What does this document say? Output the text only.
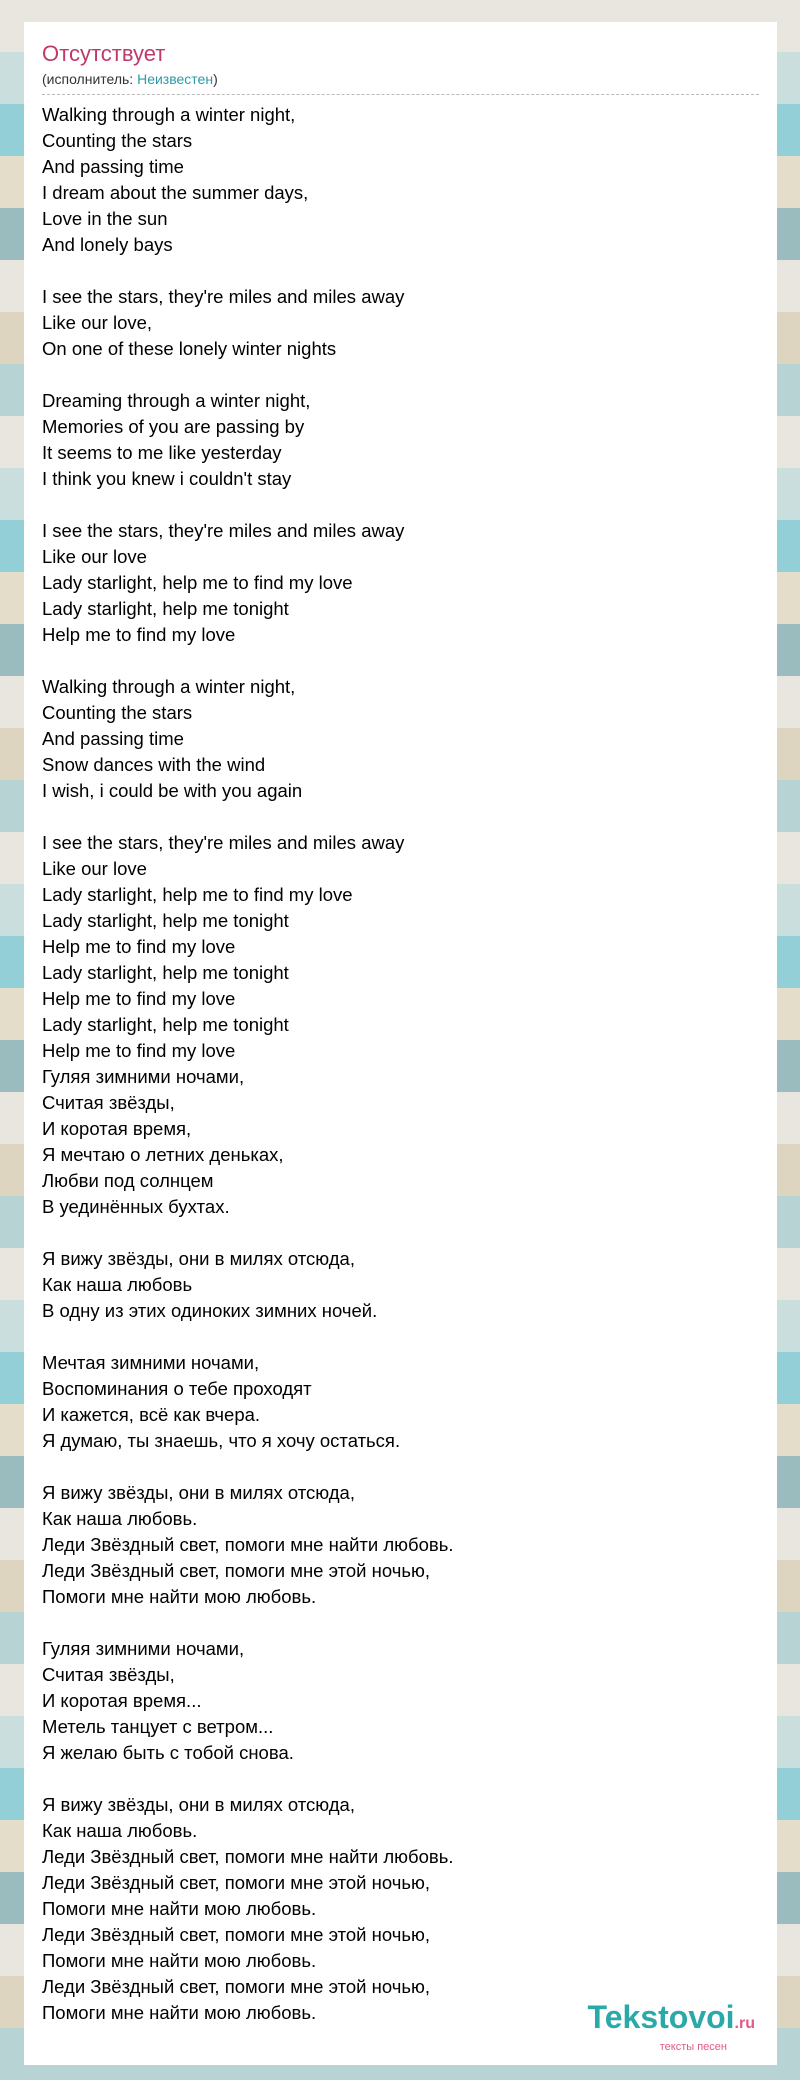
Отсутствует
(исполнитель: Неизвестен)
Walking through a winter night,
Counting the stars
And passing time
I dream about the summer days,
Love in the sun
And lonely bays
I see the stars, they're miles and miles away
Like our love,
On one of these lonely winter nights
Dreaming through a winter night,
Memories of you are passing by
It seems to me like yesterday
I think you knew i couldn't stay
I see the stars, they're miles and miles away
Like our love
Lady starlight, help me to find my love
Lady starlight, help me tonight
Help me to find my love
Walking through a winter night,
Counting the stars
And passing time
Snow dances with the wind
I wish, i could be with you again
I see the stars, they're miles and miles away
Like our love
Lady starlight, help me to find my love
Lady starlight, help me tonight
Help me to find my love
Lady starlight, help me tonight
Help me to find my love
Lady starlight, help me tonight
Help me to find my love
Гуляя зимними ночами,
Считая звёзды,
И коротая время,
Я мечтаю о летних деньках,
Любви под солнцем
В уединённых бухтах.
Я вижу звёзды, они в милях отсюда,
Как наша любовь
В одну из этих одиноких зимних ночей.
Мечтая зимними ночами,
Воспоминания о тебе проходят
И кажется, всё как вчера.
Я думаю, ты знаешь, что я хочу остаться.
Я вижу звёзды, они в милях отсюда,
Как наша любовь.
Леди Звёздный свет, помоги мне найти любовь.
Леди Звёздный свет, помоги мне этой ночью,
Помоги мне найти мою любовь.
Гуляя зимними ночами,
Считая звёзды,
И коротая время...
Метель танцует с ветром...
Я желаю быть с тобой снова.
Я вижу звёзды, они в милях отсюда,
Как наша любовь.
Леди Звёздный свет, помоги мне найти любовь.
Леди Звёздный свет, помоги мне этой ночью,
Помоги мне найти мою любовь.
Леди Звёздный свет, помоги мне этой ночью,
Помоги мне найти мою любовь.
Леди Звёздный свет, помоги мне этой ночью,
Помоги мне найти мою любовь.	Tekstovoi.ru
тексты песен
